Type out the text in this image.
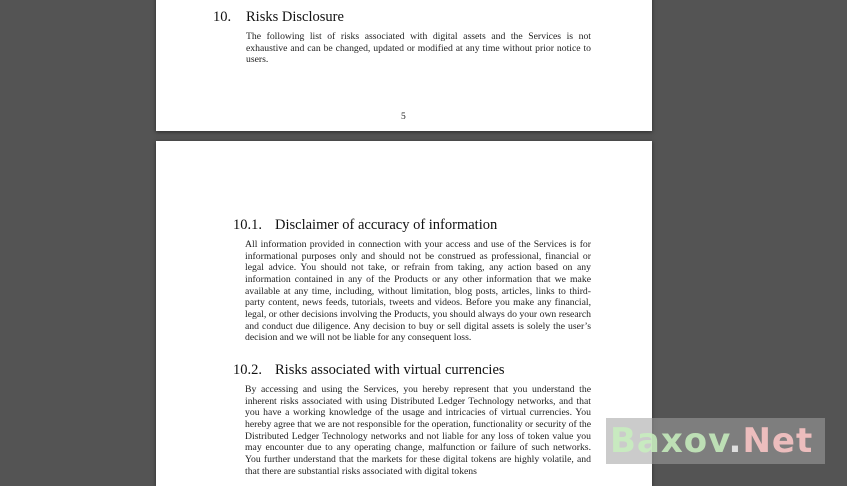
10. Risks Disclosure

The following list of risks associated with digital assets and the Services is not exhaustive and can be changed, updated or modified at any time without prior notice to users.

5
10.1. Disclaimer of accuracy of information

All information provided in connection with your access and use of the Services is for informational purposes only and should not be construed as professional, financial or legal advice. You should not take, or refrain from taking, any action based on any information contained in any of the Products or any other information that we make available at any time, including, without limitation, blog posts, articles, links to third-party content, news feeds, tutorials, tweets and videos. Before you make any financial, legal, or other decisions involving the Products, you should always do your own research and conduct due diligence. Any decision to buy or sell digital assets is solely the user’s decision and we will not be liable for any consequent loss.

10.2. Risks associated with virtual currencies

By accessing and using the Services, you hereby represent that you understand the inherent risks associated with using Distributed Ledger Technology networks, and that you have a working knowledge of the usage and intricacies of virtual currencies. You hereby agree that we are not responsible for the operation, functionality or security of the Distributed Ledger Technology networks and not liable for any loss of token value you may encounter due to any operating change, malfunction or failure of such networks. You further understand that the markets for these digital tokens are highly volatile, and that there are substantial risks associated with digital tokens

Baxov.Net
